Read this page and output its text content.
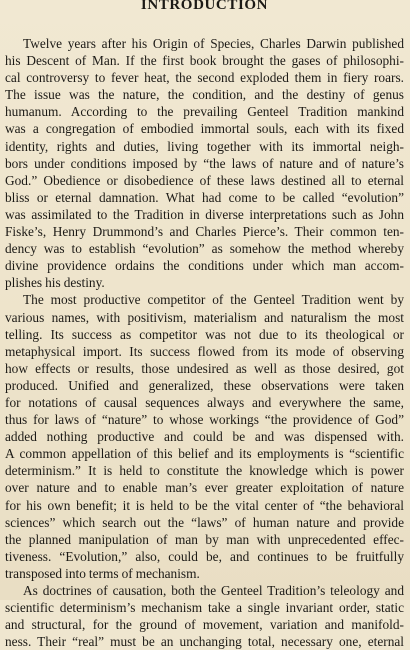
INTRODUCTION

Twelve years after his Origin of Species, Charles Darwin published
his Descent of Man. If the first book brought the gases of philosophi-
cal controversy to fever heat, the second exploded them in fiery roars.
The issue was the nature, the condition, and the destiny of genus
humanum. According to the prevailing Genteel Tradition mankind
was a congregation of embodied immortal souls, each with its fixed
identity, rights and duties, living together with its immortal neigh-
bors under conditions imposed by “the laws of nature and of nature’s
God.” Obedience or disobedience of these laws destined all to eternal
bliss or eternal damnation. What had come to be called “evolution”
was assimilated to the Tradition in diverse interpretations such as John
Fiske’s, Henry Drummond’s and Charles Pierce’s. Their common ten-
dency was to establish “evolution” as somehow the method whereby
divine providence ordains the conditions under which man accom-
plishes his destiny.

The most productive competitor of the Genteel Tradition went by
various names, with positivism, materialism and naturalism the most
telling. Its success as competitor was not due to its theological or
metaphysical import. Its success flowed from its mode of observing
how effects or results, those undesired as well as those desired, got
produced. Unified and generalized, these observations were taken
for notations of causal sequences always and everywhere the same,
thus for laws of “nature” to whose workings “the providence of God”
added nothing productive and could be and was dispensed with.
A common appellation of this belief and its employments is “scientific
determinism.” It is held to constitute the knowledge which is power
over nature and to enable man’s ever greater exploitation of nature
for his own benefit; it is held to be the vital center of “the behavioral
sciences” which search out the “laws” of human nature and provide
the planned manipulation of man by man with unprecedented effec-
tiveness. “Evolution,” also, could be, and continues to be fruitfully
transposed into terms of mechanism.

As doctrines of causation, both the Genteel Tradition’s teleology and
scientific determinism’s mechanism take a single invariant order, static
and structural, for the ground of movement, variation and manifold-
ness. Their “real” must be an unchanging total, necessary one, eternal
